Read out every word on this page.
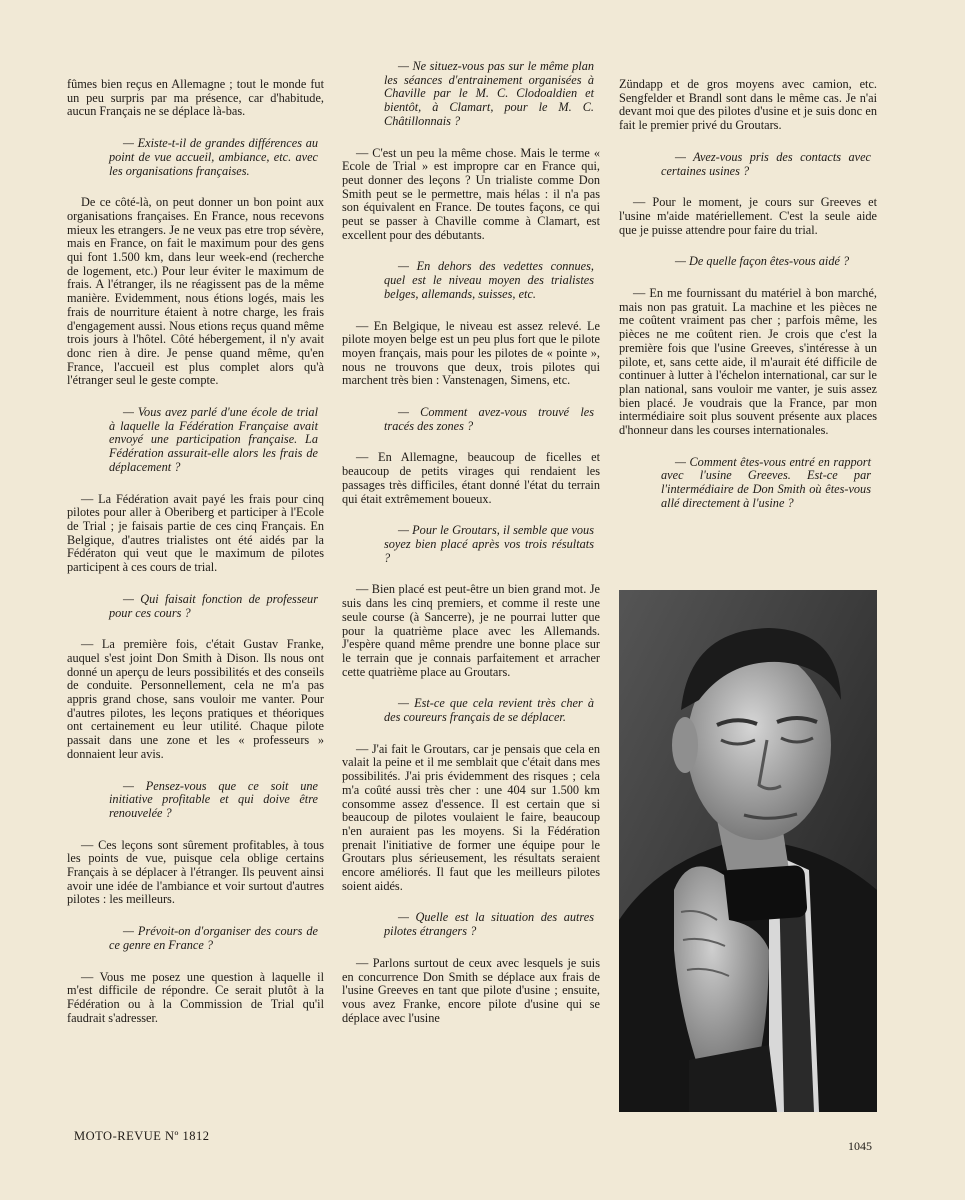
fûmes bien reçus en Allemagne ; tout le monde fut un peu surpris par ma présence, car d'habitude, aucun Français ne se déplace là-bas.

— Existe-t-il de grandes différences au point de vue accueil, ambiance, etc. avec les organisations françaises.

De ce côté-là, on peut donner un bon point aux organisations françaises. En France, nous recevons mieux les etrangers. Je ne veux pas etre trop sévère, mais en France, on fait le maximum pour des gens qui font 1.500 km, dans leur week-end (recherche de logement, etc.) Pour leur éviter le maximum de frais. A l'étranger, ils ne réagissent pas de la même manière. Evidemment, nous étions logés, mais les frais de nourriture étaient à notre charge, les frais d'engagement aussi. Nous etions reçus quand même trois jours à l'hôtel. Côté hébergement, il n'y avait donc rien à dire. Je pense quand même, qu'en France, l'accueil est plus complet alors qu'à l'étranger seul le geste compte.

— Vous avez parlé d'une école de trial à laquelle la Fédération Française avait envoyé une participation française. La Fédération assurait-elle alors les frais de déplacement ?

— La Fédération avait payé les frais pour cinq pilotes pour aller à Oberiberg et participer à l'Ecole de Trial ; je faisais partie de ces cinq Français. En Belgique, d'autres trialistes ont été aidés par la Fédératon qui veut que le maximum de pilotes participent à ces cours de trial.

— Qui faisait fonction de professeur pour ces cours ?

— La première fois, c'était Gustav Franke, auquel s'est joint Don Smith à Dison. Ils nous ont donné un aperçu de leurs possibilités et des conseils de conduite. Personnellement, cela ne m'a pas appris grand chose, sans vouloir me vanter. Pour d'autres pilotes, les leçons pratiques et théoriques ont certainement eu leur utilité. Chaque pilote passait dans une zone et les « professeurs » donnaient leur avis.

— Pensez-vous que ce soit une initiative profitable et qui doive être renouvelée ?

— Ces leçons sont sûrement profitables, à tous les points de vue, puisque cela oblige certains Français à se déplacer à l'étranger. Ils peuvent ainsi avoir une idée de l'ambiance et voir surtout d'autres pilotes : les meilleurs.

— Prévoit-on d'organiser des cours de ce genre en France ?

— Vous me posez une question à laquelle il m'est difficile de répondre. Ce serait plutôt à la Fédération ou à la Commission de Trial qu'il faudrait s'adresser.

— Ne situez-vous pas sur le même plan les séances d'entrainement organisées à Chaville par le M. C. Clodoaldien et bientôt, à Clamart, pour le M. C. Châtillonnais ?

— C'est un peu la même chose. Mais le terme « Ecole de Trial » est impropre car en France qui, peut donner des leçons ? Un trialiste comme Don Smith peut se le permettre, mais hélas : il n'a pas son équivalent en France. De toutes façons, ce qui peut se passer à Chaville comme à Clamart, est excellent pour des débutants.

— En dehors des vedettes connues, quel est le niveau moyen des trialistes belges, allemands, suisses, etc.

— En Belgique, le niveau est assez relevé. Le pilote moyen belge est un peu plus fort que le pilote moyen français, mais pour les pilotes de « pointe », nous ne trouvons que deux, trois pilotes qui marchent très bien : Vanstenagen, Simens, etc.

— Comment avez-vous trouvé les tracés des zones ?

— En Allemagne, beaucoup de ficelles et beaucoup de petits virages qui rendaient les passages très difficiles, étant donné l'état du terrain qui était extrêmement boueux.

— Pour le Groutars, il semble que vous soyez bien placé après vos trois résultats ?

— Bien placé est peut-être un bien grand mot. Je suis dans les cinq premiers, et comme il reste une seule course (à Sancerre), je ne pourrai lutter que pour la quatrième place avec les Allemands. J'espère quand même prendre une bonne place sur le terrain que je connais parfaitement et arracher cette quatrième place au Groutars.

— Est-ce que cela revient très cher à des coureurs français de se déplacer.

— J'ai fait le Groutars, car je pensais que cela en valait la peine et il me semblait que c'était dans mes possibilités. J'ai pris évidemment des risques ; cela m'a coûté aussi très cher : une 404 sur 1.500 km consomme assez d'essence. Il est certain que si beaucoup de pilotes voulaient le faire, beaucoup n'en auraient pas les moyens. Si la Fédération prenait l'initiative de former une équipe pour le Groutars plus sérieusement, les résultats seraient encore améliorés. Il faut que les meilleurs pilotes soient aidés.

— Quelle est la situation des autres pilotes étrangers ?

— Parlons surtout de ceux avec lesquels je suis en concurrence Don Smith se déplace aux frais de l'usine Greeves en tant que pilote d'usine ; ensuite, vous avez Franke, encore pilote d'usine qui se déplace avec l'usine

Zündapp et de gros moyens avec camion, etc. Sengfelder et Brandl sont dans le même cas. Je n'ai devant moi que des pilotes d'usine et je suis donc en fait le premier privé du Groutars.

— Avez-vous pris des contacts avec certaines usines ?

— Pour le moment, je cours sur Greeves et l'usine m'aide matériellement. C'est la seule aide que je puisse attendre pour faire du trial.

— De quelle façon êtes-vous aidé ?

— En me fournissant du matériel à bon marché, mais non pas gratuit. La machine et les pièces ne me coûtent vraiment pas cher ; parfois même, les pièces ne me coûtent rien. Je crois que c'est la première fois que l'usine Greeves, s'intéresse à un pilote, et, sans cette aide, il m'aurait été difficile de continuer à lutter à l'échelon international, car sur le plan national, sans vouloir me vanter, je suis assez bien placé. Je voudrais que la France, par mon intermédiaire soit plus souvent présente aux places d'honneur dans les courses internationales.

— Comment êtes-vous entré en rapport avec l'usine Greeves. Est-ce par l'intermédiaire de Don Smith où êtes-vous allé directement à l'usine ?

MOTO-REVUE Nº 1812
1045
